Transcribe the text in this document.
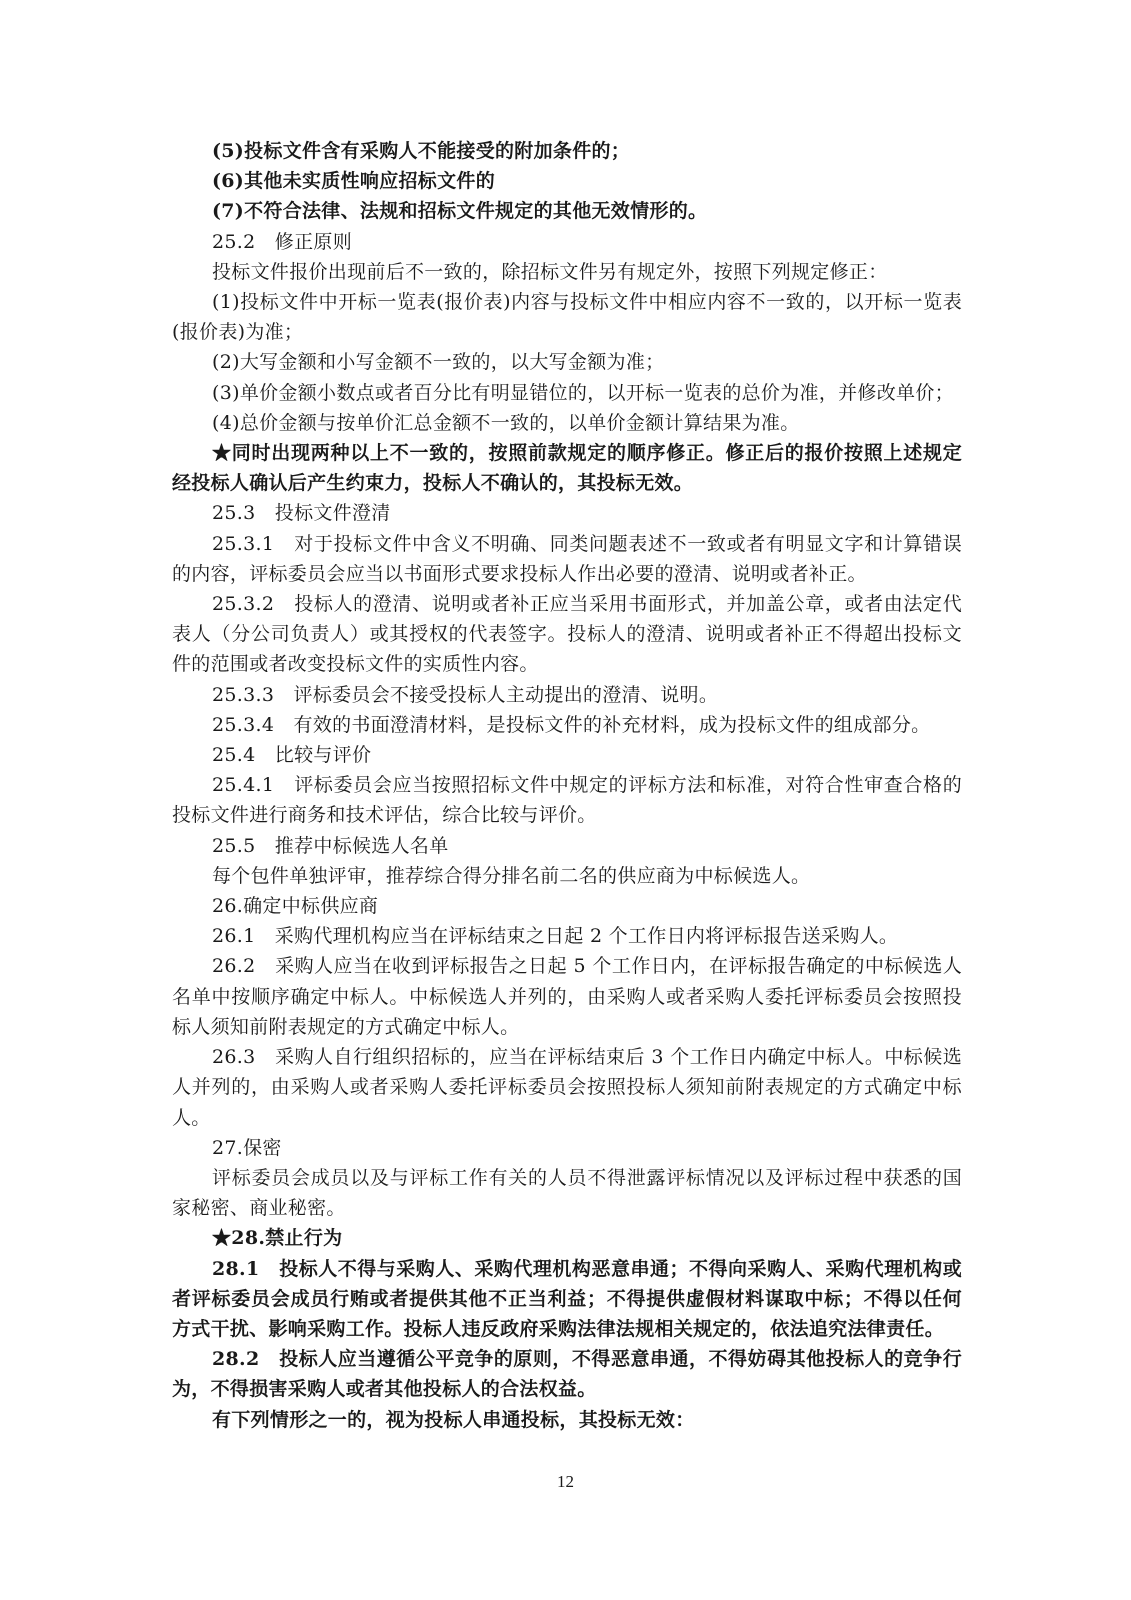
(5)投标文件含有采购人不能接受的附加条件的；

(6)其他未实质性响应招标文件的

(7)不符合法律、法规和招标文件规定的其他无效情形的。

25.2　修正原则

投标文件报价出现前后不一致的，除招标文件另有规定外，按照下列规定修正：

(1)投标文件中开标一览表(报价表)内容与投标文件中相应内容不一致的，以开标一览表(报价表)为准；

(2)大写金额和小写金额不一致的，以大写金额为准；

(3)单价金额小数点或者百分比有明显错位的，以开标一览表的总价为准，并修改单价；

(4)总价金额与按单价汇总金额不一致的，以单价金额计算结果为准。

★同时出现两种以上不一致的，按照前款规定的顺序修正。修正后的报价按照上述规定经投标人确认后产生约束力，投标人不确认的，其投标无效。

25.3　投标文件澄清

25.3.1　对于投标文件中含义不明确、同类问题表述不一致或者有明显文字和计算错误的内容，评标委员会应当以书面形式要求投标人作出必要的澄清、说明或者补正。

25.3.2　投标人的澄清、说明或者补正应当采用书面形式，并加盖公章，或者由法定代表人（分公司负责人）或其授权的代表签字。投标人的澄清、说明或者补正不得超出投标文件的范围或者改变投标文件的实质性内容。

25.3.3　评标委员会不接受投标人主动提出的澄清、说明。

25.3.4　有效的书面澄清材料，是投标文件的补充材料，成为投标文件的组成部分。

25.4　比较与评价

25.4.1　评标委员会应当按照招标文件中规定的评标方法和标准，对符合性审查合格的投标文件进行商务和技术评估，综合比较与评价。

25.5　推荐中标候选人名单

每个包件单独评审，推荐综合得分排名前二名的供应商为中标候选人。

26.确定中标供应商

26.1　采购代理机构应当在评标结束之日起 2 个工作日内将评标报告送采购人。

26.2　采购人应当在收到评标报告之日起 5 个工作日内，在评标报告确定的中标候选人名单中按顺序确定中标人。中标候选人并列的，由采购人或者采购人委托评标委员会按照投标人须知前附表规定的方式确定中标人。

26.3　采购人自行组织招标的，应当在评标结束后 3 个工作日内确定中标人。中标候选人并列的，由采购人或者采购人委托评标委员会按照投标人须知前附表规定的方式确定中标人。

27.保密

评标委员会成员以及与评标工作有关的人员不得泄露评标情况以及评标过程中获悉的国家秘密、商业秘密。

★28.禁止行为

28.1　投标人不得与采购人、采购代理机构恶意串通；不得向采购人、采购代理机构或者评标委员会成员行贿或者提供其他不正当利益；不得提供虚假材料谋取中标；不得以任何方式干扰、影响采购工作。投标人违反政府采购法律法规相关规定的，依法追究法律责任。

28.2　投标人应当遵循公平竞争的原则，不得恶意串通，不得妨碍其他投标人的竞争行为，不得损害采购人或者其他投标人的合法权益。

有下列情形之一的，视为投标人串通投标，其投标无效：

12
